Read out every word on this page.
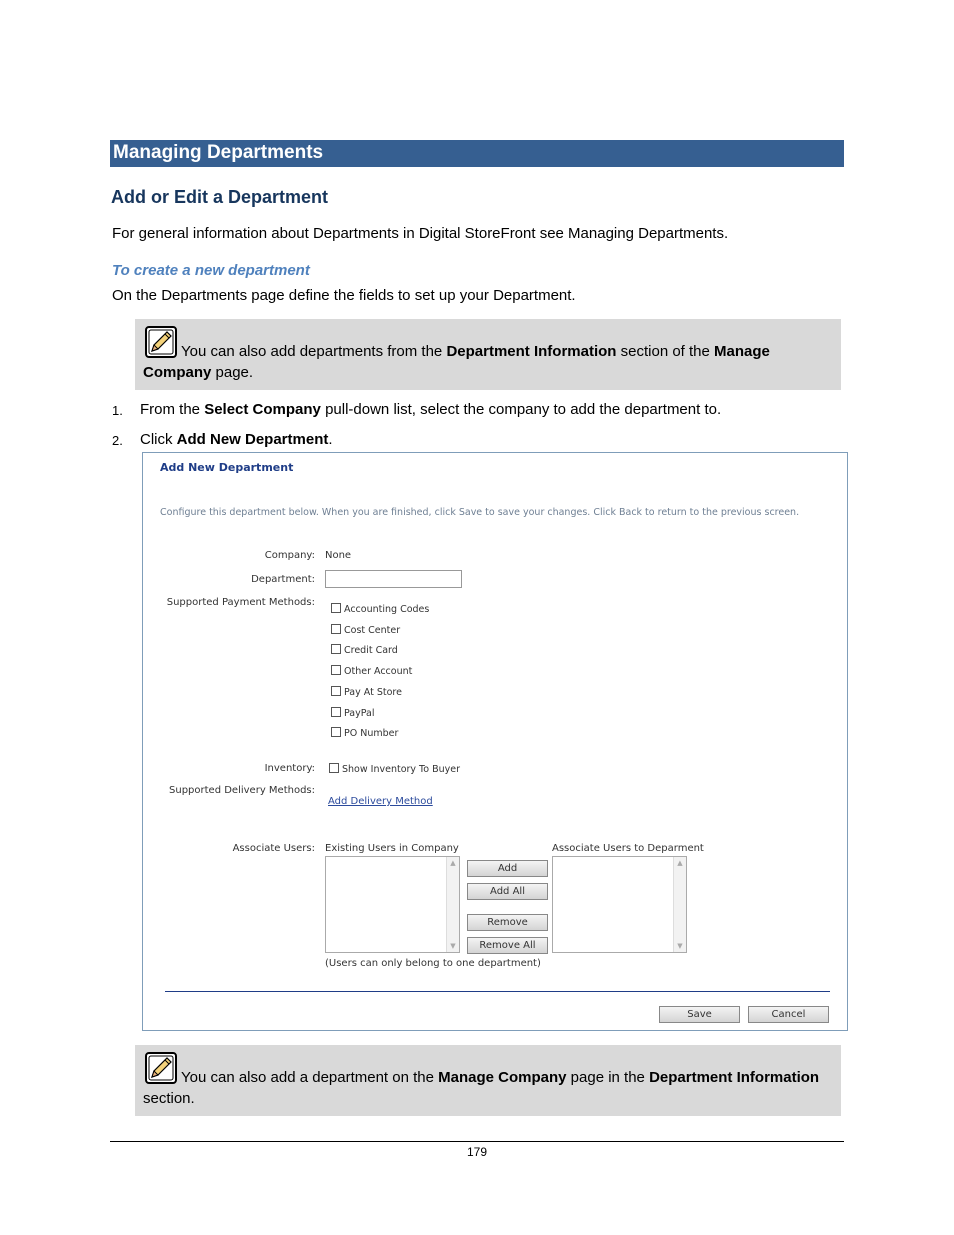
Managing Departments
Add or Edit a Department
For general information about Departments in Digital StoreFront see Managing Departments.
To create a new department
On the Departments page define the fields to set up your Department.
You can also add departments from the Department Information section of the Manage Company page.
1. From the Select Company pull-down list, select the company to add the department to.
2. Click Add New Department.
Add New Department
Configure this department below. When you are finished, click Save to save your changes. Click Back to return to the previous screen.
Company: None
Department:
Supported Payment Methods:
Accounting Codes
Cost Center
Credit Card
Other Account
Pay At Store
PayPal
PO Number
Inventory:	Show Inventory To Buyer
Supported Delivery Methods:
Add Delivery Method
Associate Users: Existing Users in Company	Associate Users to Deparment
▲
▼
▲
▼
Add
Add All
Remove
Remove All
(Users can only belong to one department)
Save	Cancel
You can also add a department on the Manage Company page in the Department Information section.
179
